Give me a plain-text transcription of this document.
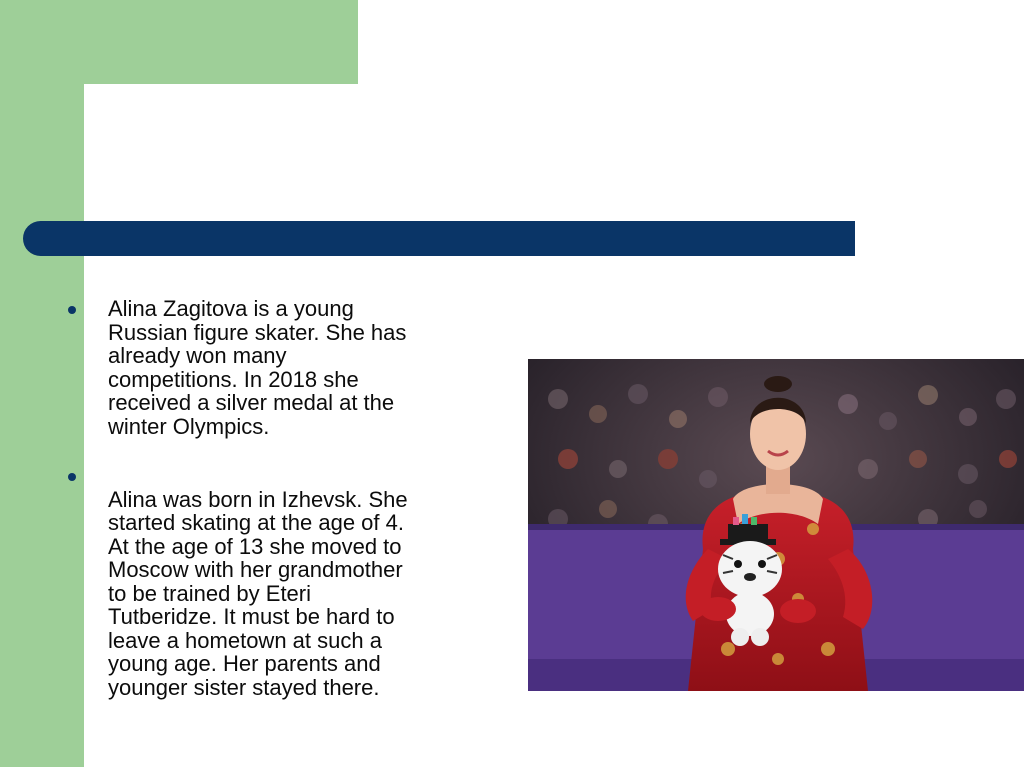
Alina Zagitova is a young
Russian figure skater. She has
already won many
competitions. In 2018 she
received a silver medal at the
winter Olympics.
Alina was born in Izhevsk. She
started skating at the age of 4.
At the age of 13 she moved to
Moscow with her grandmother
to be trained by Eteri
Tutberidze. It must be hard to
leave a hometown at such a
young age. Her parents and
younger sister stayed there.
